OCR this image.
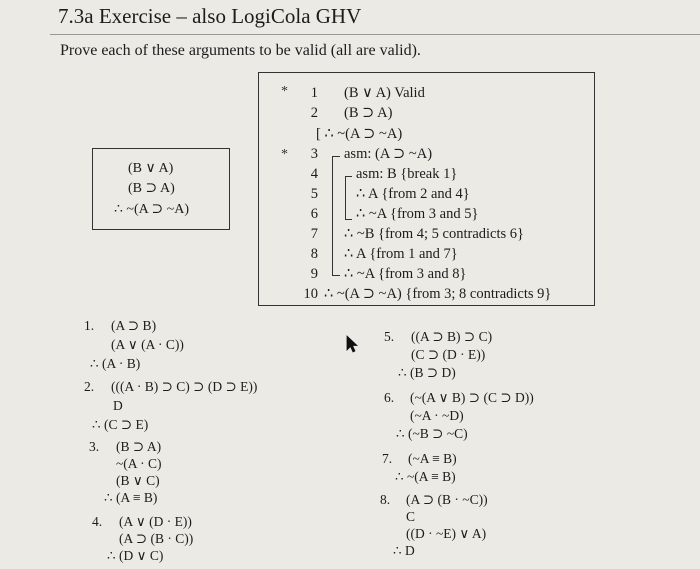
7.3a Exercise – also LogiCola GHV
Prove each of these arguments to be valid (all are valid).
*
*
1
2
3
4
5
6
7
8
9
10
(B ∨ A) Valid
(B ⊃ A)
[ ∴ ~(A ⊃ ~A)
asm: (A ⊃ ~A)
asm: B {break 1}
∴ A {from 2 and 4}
∴ ~A {from 3 and 5}
∴ ~B {from 4; 5 contradicts 6}
∴ A {from 1 and 7}
∴ ~A {from 3 and 8}
∴ ~(A ⊃ ~A) {from 3; 8 contradicts 9}
(B ∨ A)
(B ⊃ A)
∴ ~(A ⊃ ~A)
1. (A ⊃ B)
(A ∨ (A · C))
∴ (A · B)
2. (((A · B) ⊃ C) ⊃ (D ⊃ E))
D
∴ (C ⊃ E)
3. (B ⊃ A)
~(A · C)
(B ∨ C)
∴ (A ≡ B)
4. (A ∨ (D · E))
(A ⊃ (B · C))
∴ (D ∨ C)
5. ((A ⊃ B) ⊃ C)
(C ⊃ (D · E))
∴ (B ⊃ D)
6. (~(A ∨ B) ⊃ (C ⊃ D))
(~A · ~D)
∴ (~B ⊃ ~C)
7. (~A ≡ B)
∴ ~(A ≡ B)
8. (A ⊃ (B · ~C))
C
((D · ~E) ∨ A)
∴ D
